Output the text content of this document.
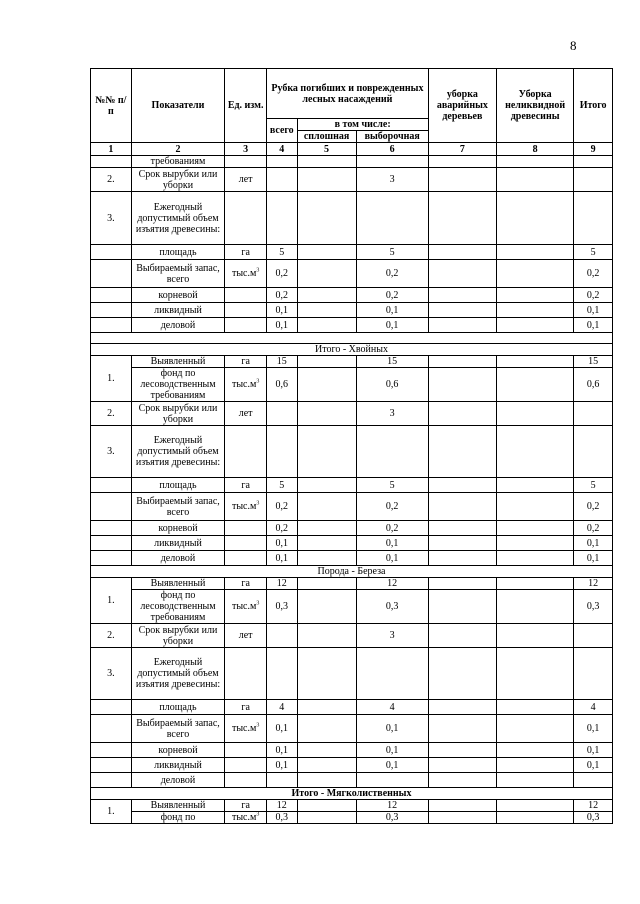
8
№№ п/п	Показатели	Ед. изм.	Рубка погибших и поврежденных лесных насаждений			уборка аварийных деревьев	Уборка неликвидной древесины	Итого
			всего	в том числе:				
				сплошная	выборочная			
1	2	3	4	5	6	7	8	9
	требованиям							
2.	Срок вырубки или уборки	лет			3			
3.	Ежегодный допустимый объем изъятия древесины:							
	площадь	га	5		5			5
	Выбираемый запас, всего	$тыс.м^3$	0,2		0,2			0,2
	корневой		0,2		0,2			0,2
	ликвидный		0,1		0,1			0,1
	деловой		0,1		0,1			0,1

Итого - Хвойных								
1.	Выявленный	га	15		15			15
	фонд по лесоводственным требованиям	$тыс.м^3$	0,6		0,6			0,6
2.	Срок вырубки или уборки	лет			3			
3.	Ежегодный допустимый объем изъятия древесины:							
	площадь	га	5		5			5
	Выбираемый запас, всего	$тыс.м^3$	0,2		0,2			0,2
	корневой		0,2		0,2			0,2
	ликвидный		0,1		0,1			0,1
	деловой		0,1		0,1			0,1
Порода - Береза								
1.	Выявленный	га	12		12			12
	фонд по лесоводственным требованиям	$тыс.м^3$	0,3		0,3			0,3
2.	Срок вырубки или уборки	лет			3			
3.	Ежегодный допустимый объем изъятия древесины:							
	площадь	га	4		4			4
	Выбираемый запас, всего	$тыс.м^3$	0,1		0,1			0,1
	корневой		0,1		0,1			0,1
	ликвидный		0,1		0,1			0,1
	деловой							
Итого - Мягколиственных								
1.	Выявленный	га	12		12			12
	фонд по	$тыс.м^3$	0,3		0,3			0,3
